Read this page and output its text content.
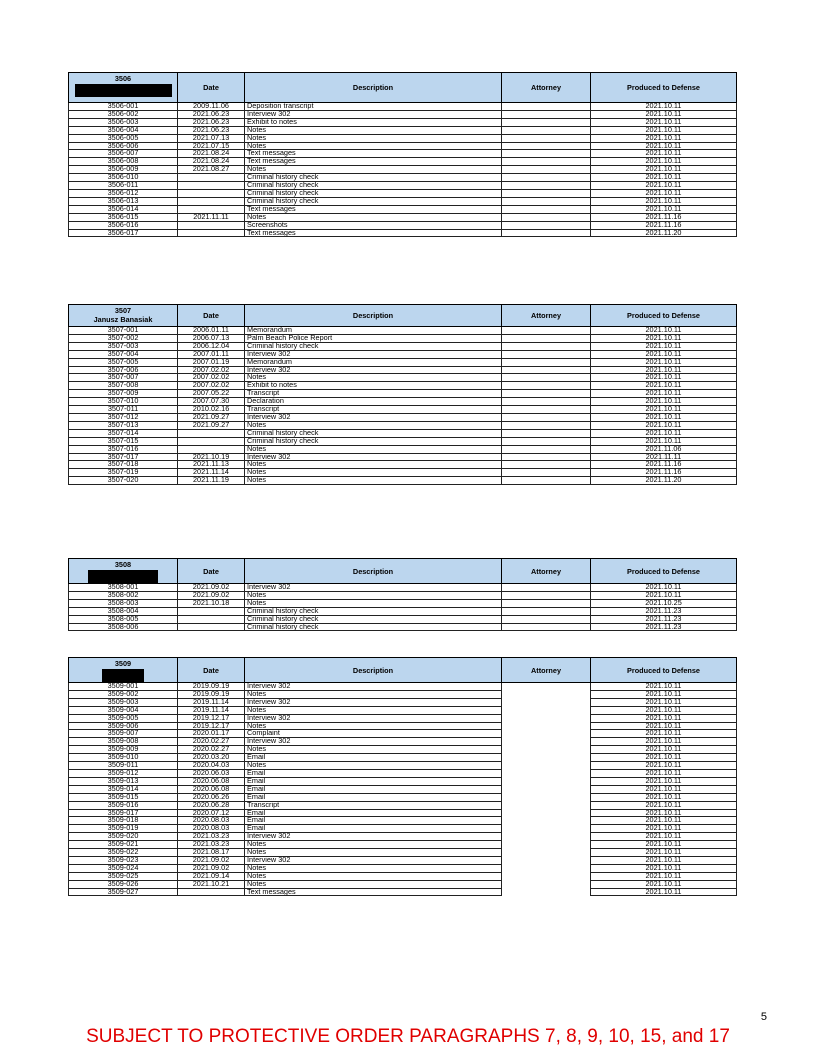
3506	Date	Description	Attorney	Produced to Defense
3506-001	2009.11.06	Deposition transcript		2021.10.11
3506-002	2021.06.23	Interview 302		2021.10.11
3506-003	2021.06.23	Exhibit to notes		2021.10.11
3506-004	2021.06.23	Notes		2021.10.11
3506-005	2021.07.13	Notes		2021.10.11
3506-006	2021.07.15	Notes		2021.10.11
3506-007	2021.08.24	Text messages		2021.10.11
3506-008	2021.08.24	Text messages		2021.10.11
3506-009	2021.08.27	Notes		2021.10.11
3506-010		Criminal history check		2021.10.11
3506-011		Criminal history check		2021.10.11
3506-012		Criminal history check		2021.10.11
3506-013		Criminal history check		2021.10.11
3506-014		Text messages		2021.10.11
3506-015	2021.11.11	Notes		2021.11.16
3506-016		Screenshots		2021.11.16
3506-017		Text messages		2021.11.20
3507
Janusz Banasiak	Date	Description	Attorney	Produced to Defense
3507-001	2006.01.11	Memorandum		2021.10.11
3507-002	2006.07.13	Palm Beach Police Report		2021.10.11
3507-003	2006.12.04	Criminal history check		2021.10.11
3507-004	2007.01.11	Interview 302		2021.10.11
3507-005	2007.01.19	Memorandum		2021.10.11
3507-006	2007.02.02	Interview 302		2021.10.11
3507-007	2007.02.02	Notes		2021.10.11
3507-008	2007.02.02	Exhibit to notes		2021.10.11
3507-009	2007.05.22	Transcript		2021.10.11
3507-010	2007.07.30	Declaration		2021.10.11
3507-011	2010.02.16	Transcript		2021.10.11
3507-012	2021.09.27	Interview 302		2021.10.11
3507-013	2021.09.27	Notes		2021.10.11
3507-014		Criminal history check		2021.10.11
3507-015		Criminal history check		2021.10.11
3507-016		Notes		2021.11.06
3507-017	2021.10.19	Interview 302		2021.11.11
3507-018	2021.11.13	Notes		2021.11.16
3507-019	2021.11.14	Notes		2021.11.16
3507-020	2021.11.19	Notes		2021.11.20
3508	Date	Description	Attorney	Produced to Defense
3508-001	2021.09.02	Interview 302		2021.10.11
3508-002	2021.09.02	Notes		2021.10.11
3508-003	2021.10.18	Notes		2021.10.25
3508-004		Criminal history check		2021.11.23
3508-005		Criminal history check		2021.11.23
3508-006		Criminal history check		2021.11.23
3509	Date	Description	Attorney	Produced to Defense
3509-001	2019.09.19	Interview 302		2021.10.11
3509-002	2019.09.19	Notes		2021.10.11
3509-003	2019.11.14	Interview 302		2021.10.11
3509-004	2019.11.14	Notes		2021.10.11
3509-005	2019.12.17	Interview 302		2021.10.11
3509-006	2019.12.17	Notes		2021.10.11
3509-007	2020.01.17	Complaint		2021.10.11
3509-008	2020.02.27	Interview 302		2021.10.11
3509-009	2020.02.27	Notes		2021.10.11
3509-010	2020.03.20	Email		2021.10.11
3509-011	2020.04.03	Notes		2021.10.11
3509-012	2020.06.03	Email		2021.10.11
3509-013	2020.06.08	Email		2021.10.11
3509-014	2020.06.08	Email		2021.10.11
3509-015	2020.06.26	Email		2021.10.11
3509-016	2020.06.28	Transcript		2021.10.11
3509-017	2020.07.12	Email		2021.10.11
3509-018	2020.08.03	Email		2021.10.11
3509-019	2020.08.03	Email		2021.10.11
3509-020	2021.03.23	Interview 302		2021.10.11
3509-021	2021.03.23	Notes		2021.10.11
3509-022	2021.08.17	Notes		2021.10.11
3509-023	2021.09.02	Interview 302		2021.10.11
3509-024	2021.09.02	Notes		2021.10.11
3509-025	2021.09.14	Notes		2021.10.11
3509-026	2021.10.21	Notes		2021.10.11
3509-027		Text messages		2021.10.11
5
SUBJECT TO PROTECTIVE ORDER PARAGRAPHS 7, 8, 9, 10, 15, and 17
